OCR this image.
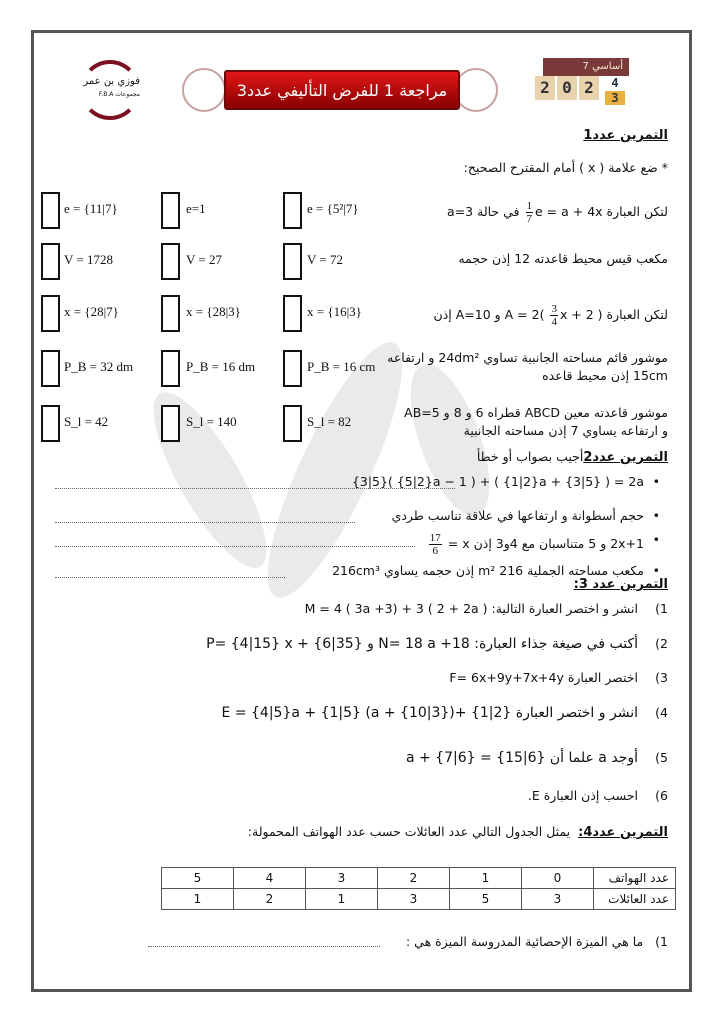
فوزي بن عمر
مجموعات F.B.A	مراجعة 1 للفرض التأليفي عدد3
7 أساسي
2 0 2	4
3
التمرين عدد1
* ضع علامة ( x ) أمام المقترح الصحيح:
التمرين عدد2أجيب بصواب أو خطأ
التمرين عدد 3:
التمرين عدد4:  يمثل الجدول التالي عدد العائلات حسب عدد الهواتف المحمولة:
5	4	3	2	1	0	عدد الهواتف
1	2	1	3	5	3	عدد العائلات
1)   ما هي الميزة الإحصائية المدروسة الميزة هي :
e = {11|7}	e=1	e = {5²|7}	لتكن العبارة e = a + 4x
$\frac{1}{7}$
في حالة a=3
V = 1728	V = 27	V = 72	مكعب قيس محيط قاعدته 12 إذن حجمه
x = {28|7}	x = {28|3}	x = {16|3}	لتكن العبارة A = 2(
$\frac{3}{4}$
x + 2 ) و A=10 إذن
P_B = 32 dm	P_B = 16 dm	P_B = 16 cm
موشور قائم مساحته الجانبية تساوي 24dm² و ارتفاعه
15cm إذن محيط قاعده
S_l = 42	S_l = 140	S_l = 82
موشور قاعدته معين ABCD قطراه 6 و 8 و AB=5
و ارتفاعه يساوي 7 إذن مساحته الجانبية
•
{3|5}( {5|2}a − 1 ) + ( {1|2}a + {3|5} ) = 2a
•
حجم أسطوانة و ارتفاعها في علاقة تناسب طردي
•
2x+1 و 5 متناسبان مع 4و3 إذن x =
$\frac{17}{6}$
•
مكعب مساحته الجملية 216 m² إذن حجمه يساوي 216cm³
1)
انشر و اختصر العبارة التالية: M = 4 ( 3a +3) + 3 ( 2 + 2a )
2)
أكتب في صيغة جذاء العبارة: N= 18 a +18 و P= {4|15} x + {6|35}
3)
اختصر العبارة F= 6x+9y+7x+4y
4)
انشر و اختصر العبارة E = {4|5}a + {1|5} (a + {10|3})+ {1|2}
5)
أوجد a علما أن a + {7|6} = {15|6}
6)
احسب إذن العبارة E.
